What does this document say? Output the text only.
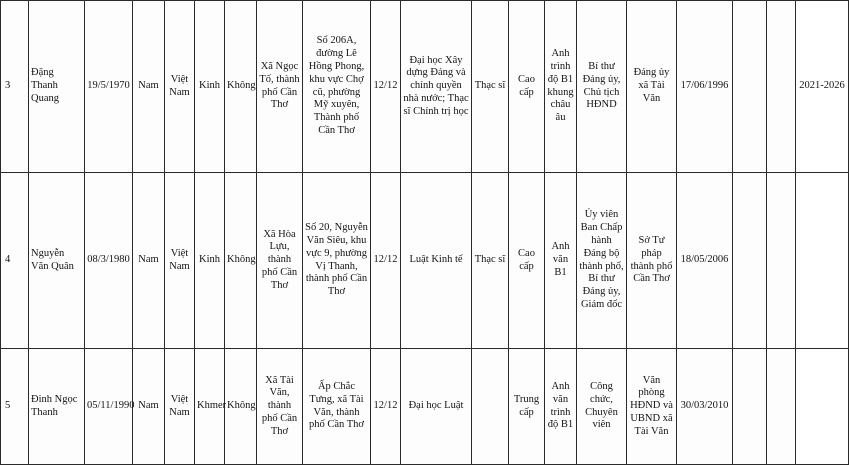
3	Đặng Thanh Quang	19/5/1970	Nam	Việt Nam	Kinh	Không	Xã Ngọc Tố, thành phố Cần Thơ	Số 206A, đường Lê Hồng Phong, khu vực Chợ cũ, phường Mỹ xuyên, Thành phố Cần Thơ	12/12	Đại học Xây dựng Đảng và chính quyền nhà nước; Thạc sĩ Chính trị học	Thạc sĩ	Cao cấp	Anh trình độ B1 khung châu âu	Bí thư Đảng ủy, Chủ tịch HĐND	Đảng ủy xã Tài Văn	17/06/1996			2021-2026
4	Nguyễn Văn Quân	08/3/1980	Nam	Việt Nam	Kinh	Không	Xã Hòa Lựu, thành phố Cần Thơ	Số 20, Nguyễn Văn Siêu, khu vực 9, phường Vị Thanh, thành phố Cần Thơ	12/12	Luật Kinh tế	Thạc sĩ	Cao cấp	Anh văn B1	Ủy viên Ban Chấp hành Đảng bộ thành phố, Bí thư Đảng ủy, Giám đốc	Sở Tư pháp thành phố Cần Thơ	18/05/2006			
5	Đinh Ngọc Thanh	05/11/1990	Nam	Việt Nam	Khmer	Không	Xã Tài Văn, thành phố Cần Thơ	Ấp Chắc Tưng, xã Tài Văn, thành phố Cần Thơ	12/12	Đại học Luật		Trung cấp	Anh văn trình độ B1	Công chức, Chuyên viên	Văn phòng HĐND và UBND xã Tài Văn	30/03/2010			
